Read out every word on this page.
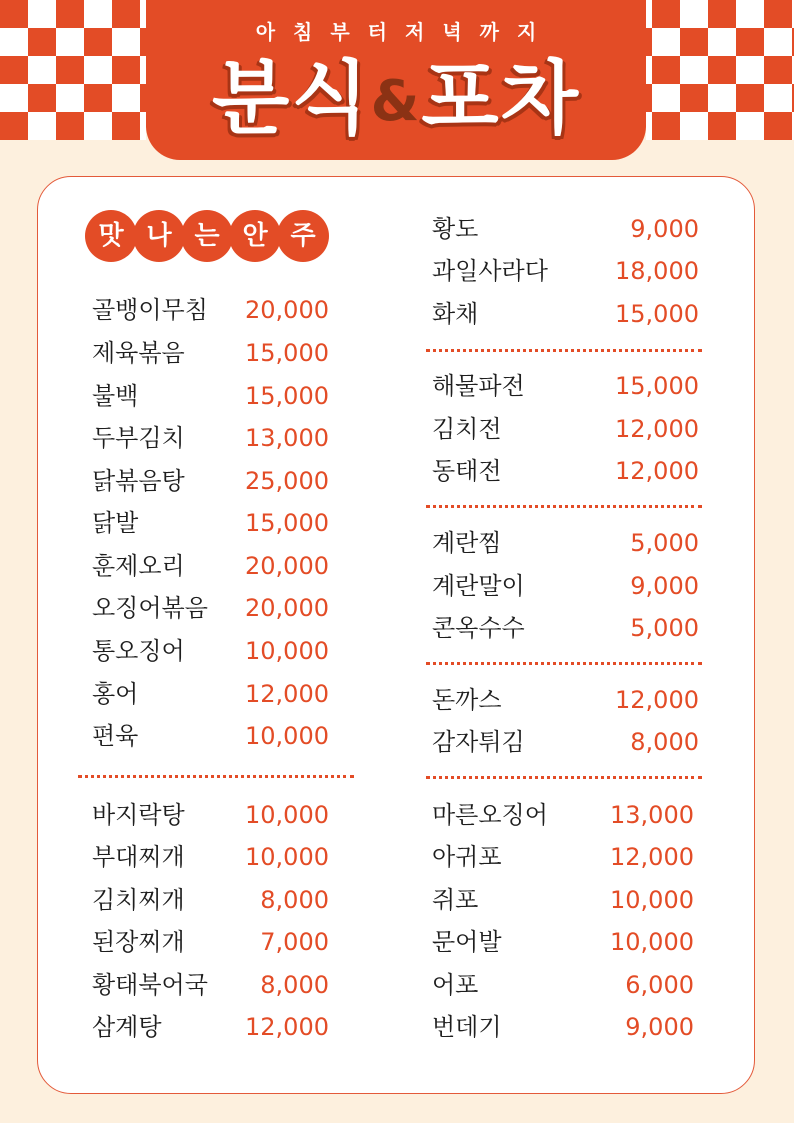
아침부터저녁까지
분식&포차
맛 나 는 안 주
골뱅이무침 20,000
제육볶음	15,000
불백	15,000
두부김치	13,000
닭볶음탕	25,000
닭발	15,000
훈제오리	20,000
오징어볶음 20,000
통오징어	10,000
홍어	12,000
편육	10,000
바지락탕	10,000
부대찌개	10,000
김치찌개	8,000
된장찌개	7,000
황태북어국 8,000
삼계탕	12,000
황도	9,000
과일사라다	18,000
화채	15,000
해물파전	15,000
김치전	12,000
동태전	12,000
계란찜	5,000
계란말이	9,000
콘옥수수	5,000
돈까스	12,000
감자튀김	8,000
마른오징어	13,000
아귀포	12,000
쥐포	10,000
문어발	10,000
어포	6,000
번데기	9,000
